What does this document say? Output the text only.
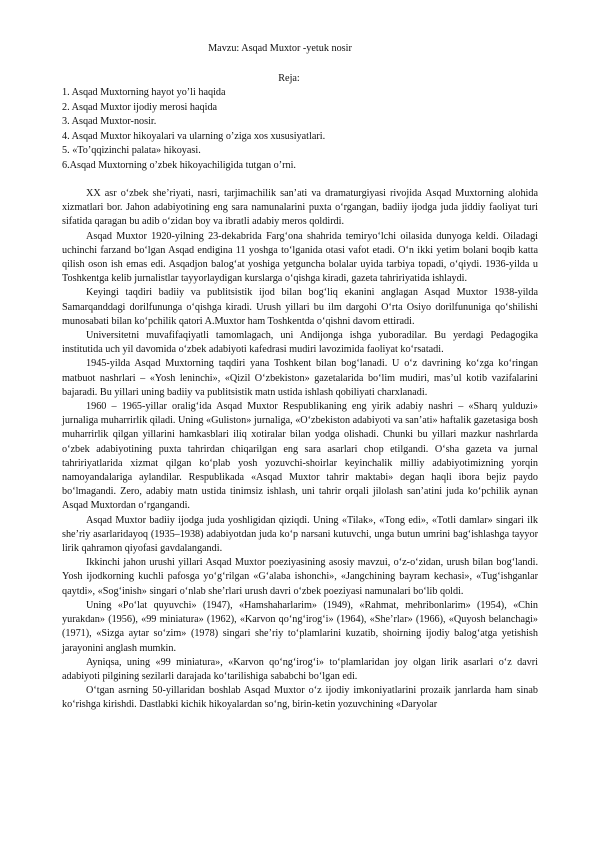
Mavzu: Asqad Muxtor -yetuk nosir
Reja:
1. Asqad Muxtorning hayot yo’li haqida
2. Asqad Muxtor ijodiy merosi haqida
3. Asqad Muxtor-nosir.
4. Asqad Muxtor hikoyalari va ularning o’ziga xos xususiyatlari.
5. «To’qqizinchi palata» hikoyasi.
6.Asqad Muxtorning o’zbek hikoyachiligida tutgan o’rni.

XX asr o‘zbek she’riyati, nasri, tarjimachilik san’ati va dramaturgiyasi rivojida Asqad Muxtorning alohida xizmatlari bor. Jahon adabiyotining eng sara namunalarini puxta o‘rgangan, badiiy ijodga juda jiddiy faoliyat turi sifatida qaragan bu adib o‘zidan boy va ibratli adabiy meros qoldirdi.

Asqad Muxtor 1920-yilning 23-dekabrida Farg‘ona shahrida temiryo‘lchi oilasida dunyoga keldi. Oiladagi uchinchi farzand bo‘lgan Asqad endigina 11 yoshga to‘lganida otasi vafot etadi. O‘n ikki yetim bolani boqib katta qilish oson ish emas edi. Asqadjon balog‘at yoshiga yetguncha bolalar uyida tarbiya topadi, o‘qiydi. 1936-yilda u Toshkentga kelib jurnalistlar tayyorlaydigan kurslarga o‘qishga kiradi, gazeta tahririyatida ishlaydi.

Keyingi taqdiri badiiy va publitsistik ijod bilan bog‘liq ekanini anglagan Asqad Muxtor 1938-yilda Samarqanddagi dorilfununga o‘qishga kiradi. Urush yillari bu ilm dargohi O‘rta Osiyo dorilfununiga qo‘shilishi munosabati bilan ko‘pchilik qatori A.Muxtor ham Toshkentda o‘qishni davom ettiradi.

Universitetni muvafifaqiyatli tamomlagach, uni Andijonga ishga yuboradilar. Bu yerdagi Pedagogika institutida uch yil davomida o‘zbek adabiyoti kafedrasi mudiri lavozimida faoliyat ko‘rsatadi.

1945-yilda Asqad Muxtorning taqdiri yana Toshkent bilan bog‘lanadi. U o‘z davrining ko‘zga ko‘ringan matbuot nashrlari – «Yosh leninchi», «Qizil O‘zbekiston» gazetalarida bo‘lim mudiri, mas’ul kotib vazifalarini bajaradi. Bu yillari uning badiiy va publitsistik matn ustida ishlash qobiliyati charxlanadi.

1960 – 1965-yillar oralig‘ida Asqad Muxtor Respublikaning eng yirik adabiy nashri – «Sharq yulduzi» jurnaliga muharrirlik qiladi. Uning «Guliston» jurnaliga, «O‘zbekiston adabiyoti va san’ati» haftalik gazetasiga bosh muharrirlik qilgan yillarini hamkasblari iliq xotiralar bilan yodga olishadi. Chunki bu yillari mazkur nashrlarda o‘zbek adabiyotining puxta tahrirdan chiqarilgan eng sara asarlari chop etilgandi. O‘sha gazeta va jurnal tahririyatlarida xizmat qilgan ko‘plab yosh yozuvchi-shoirlar keyinchalik milliy adabiyotimizning yorqin namoyandalariga aylandilar. Respublikada «Asqad Muxtor tahrir maktabi» degan haqli ibora bejiz paydo bo‘lmagandi. Zero, adabiy matn ustida tinimsiz ishlash, uni tahrir orqali jilolash san’atini juda ko‘pchilik aynan Asqad Muxtordan o‘rgangandi.

Asqad Muxtor badiiy ijodga juda yoshligidan qiziqdi. Uning «Tilak», «Tong edi», «Totli damlar» singari ilk she’riy asarlaridayoq (1935–1938) adabiyotdan juda ko‘p narsani kutuvchi, unga butun umrini bag‘ishlashga tayyor lirik qahramon qiyofasi gavdalangandi.

Ikkinchi jahon urushi yillari Asqad Muxtor poeziyasining asosiy mavzui, o‘z-o‘zidan, urush bilan bog‘landi. Yosh ijodkorning kuchli pafosga yo‘g‘rilgan «G‘alaba ishonchi», «Jangchining bayram kechasi», «Tug‘ishganlar qaytdi», «Sog‘inish» singari o‘nlab she’rlari urush davri o‘zbek poeziyasi namunalari bo‘lib qoldi.

Uning «Po‘lat quyuvchi» (1947), «Hamshaharlarim» (1949), «Rahmat, mehribonlarim» (1954), «Chin yurakdan» (1956), «99 miniatura» (1962), «Karvon qo‘ng‘irog‘i» (1964), «She’rlar» (1966), «Quyosh belanchagi» (1971), «Sizga aytar so‘zim» (1978) singari she’riy to‘plamlarini kuzatib, shoirning ijodiy balog‘atga yetishish jarayonini anglash mumkin.

Ayniqsa, uning «99 miniatura», «Karvon qo‘ng‘irog‘i» to‘plamlaridan joy olgan lirik asarlari o‘z davri adabiyoti pilgining sezilarli darajada ko‘tarilishiga sababchi bo‘lgan edi.

O‘tgan asrning 50-yillaridan boshlab Asqad Muxtor o‘z ijodiy imkoniyatlarini prozaik janrlarda ham sinab ko‘rishga kirishdi. Dastlabki kichik hikoyalardan so‘ng, birin-ketin yozuvchining «Daryolar
